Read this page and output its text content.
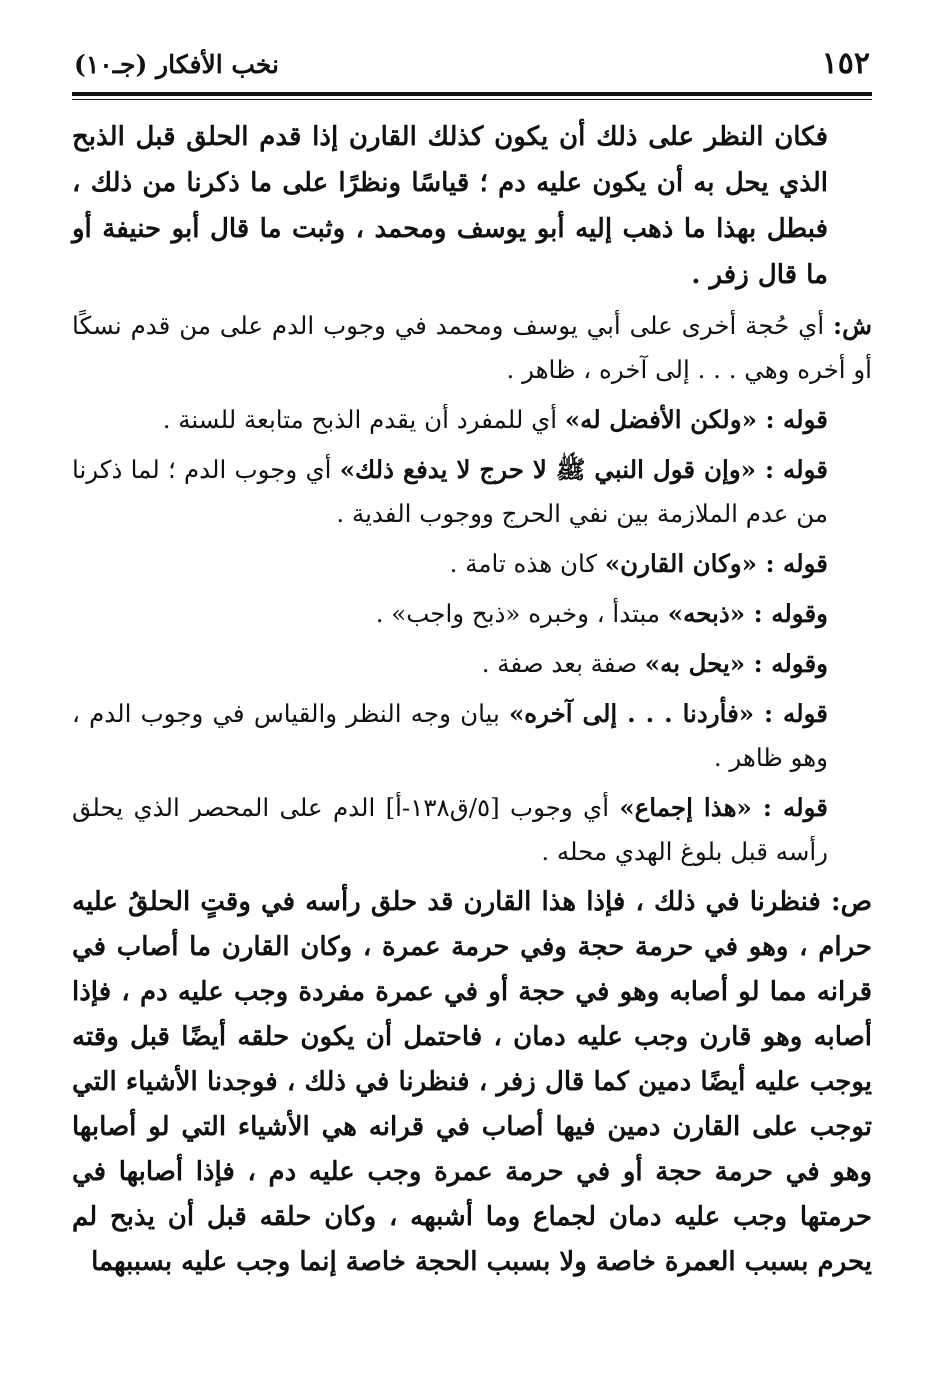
١٥٢
نخب الأفكار (جـ١٠)

فكان النظر على ذلك أن يكون كذلك القارن إذا قدم الحلق قبل الذبح الذي يحل به أن يكون عليه دم ؛ قياسًا ونظرًا على ما ذكرنا من ذلك ، فبطل بهذا ما ذهب إليه أبو يوسف ومحمد ، وثبت ما قال أبو حنيفة أو ما قال زفر .

ش: أي حُجة أخرى على أبي يوسف ومحمد في وجوب الدم على من قدم نسكًا أو أخره وهي . . . إلى آخره ، ظاهر .

قوله : «ولكن الأفضل له» أي للمفرد أن يقدم الذبح متابعة للسنة .

قوله : «وإن قول النبي ﷺ لا حرج لا يدفع ذلك» أي وجوب الدم ؛ لما ذكرنا من عدم الملازمة بين نفي الحرج ووجوب الفدية .

قوله : «وكان القارن» كان هذه تامة .

وقوله : «ذبحه» مبتدأ ، وخبره «ذبح واجب» .

وقوله : «يحل به» صفة بعد صفة .

قوله : «فأردنا . . . إلى آخره» بيان وجه النظر والقياس في وجوب الدم ، وهو ظاهر .

قوله : «هذا إجماع» أي وجوب [٥/ق١٣٨-أ] الدم على المحصر الذي يحلق رأسه قبل بلوغ الهدي محله .

ص: فنظرنا في ذلك ، فإذا هذا القارن قد حلق رأسه في وقتٍ الحلقُ عليه حرام ، وهو في حرمة حجة وفي حرمة عمرة ، وكان القارن ما أصاب في قرانه مما لو أصابه وهو في حجة أو في عمرة مفردة وجب عليه دم ، فإذا أصابه وهو قارن وجب عليه دمان ، فاحتمل أن يكون حلقه أيضًا قبل وقته يوجب عليه أيضًا دمين كما قال زفر ، فنظرنا في ذلك ، فوجدنا الأشياء التي توجب على القارن دمين فيها أصاب في قرانه هي الأشياء التي لو أصابها وهو في حرمة حجة أو في حرمة عمرة وجب عليه دم ، فإذا أصابها في حرمتها وجب عليه دمان لجماع وما أشبهه ، وكان حلقه قبل أن يذبح لم يحرم بسبب العمرة خاصة ولا بسبب الحجة خاصة إنما وجب عليه بسببهما
